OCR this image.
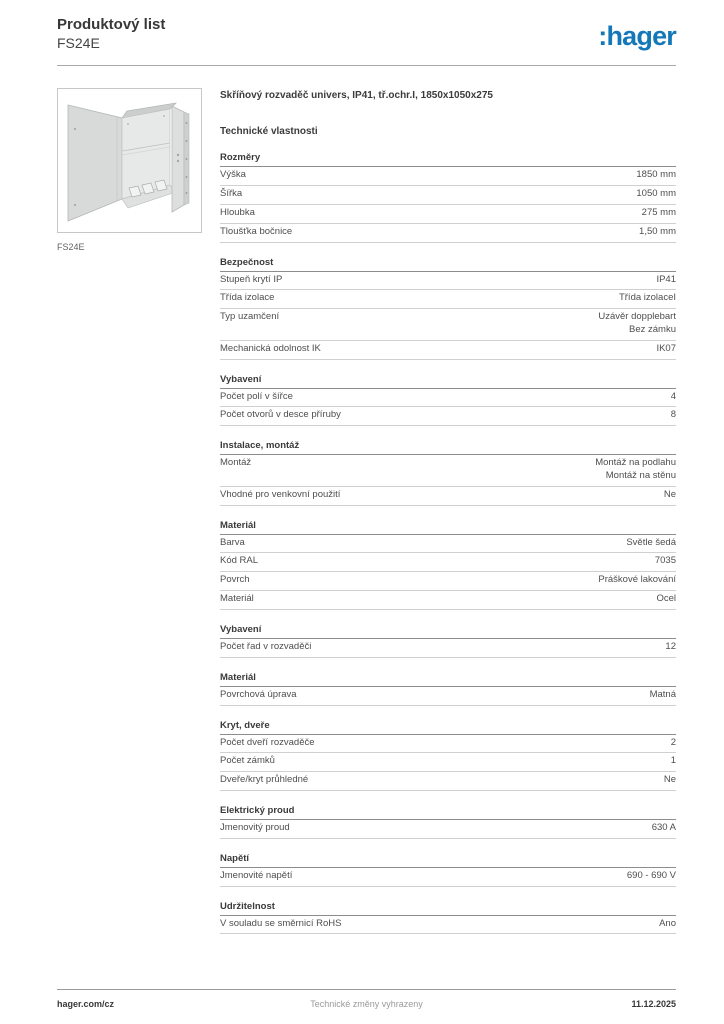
Produktový list
FS24E	:hager
FS24E
Skříňový rozvaděč univers, IP41, tř.ochr.I, 1850x1050x275
Technické vlastnosti
Rozměry
Výška	1850 mm
Šířka	1050 mm
Hloubka	275 mm
Tloušťka bočnice	1,50 mm
Bezpečnost
Stupeň krytí IP	IP41
Třída izolace	Třída izolaceI
Typ uzamčení	Uzávěr dopplebart
Bez zámku
Mechanická odolnost IK	IK07
Vybavení
Počet polí v šířce	4
Počet otvorů v desce příruby	8
Instalace, montáž
Montáž	Montáž na podlahu
Montáž na stěnu
Vhodné pro venkovní použití	Ne
Materiál
Barva	Světle šedá
Kód RAL	7035
Povrch	Práškové lakování
Materiál	Ocel
Vybavení
Počet řad v rozvaděči	12
Materiál
Povrchová úprava	Matná
Kryt, dveře
Počet dveří rozvaděče	2
Počet zámků	1
Dveře/kryt průhledné	Ne
Elektrický proud
Jmenovitý proud	630 A
Napětí
Jmenovité napětí	690 - 690 V
Udržitelnost
V souladu se směrnicí RoHS	Ano
hager.com/cz	Technické změny vyhrazeny	11.12.2025
